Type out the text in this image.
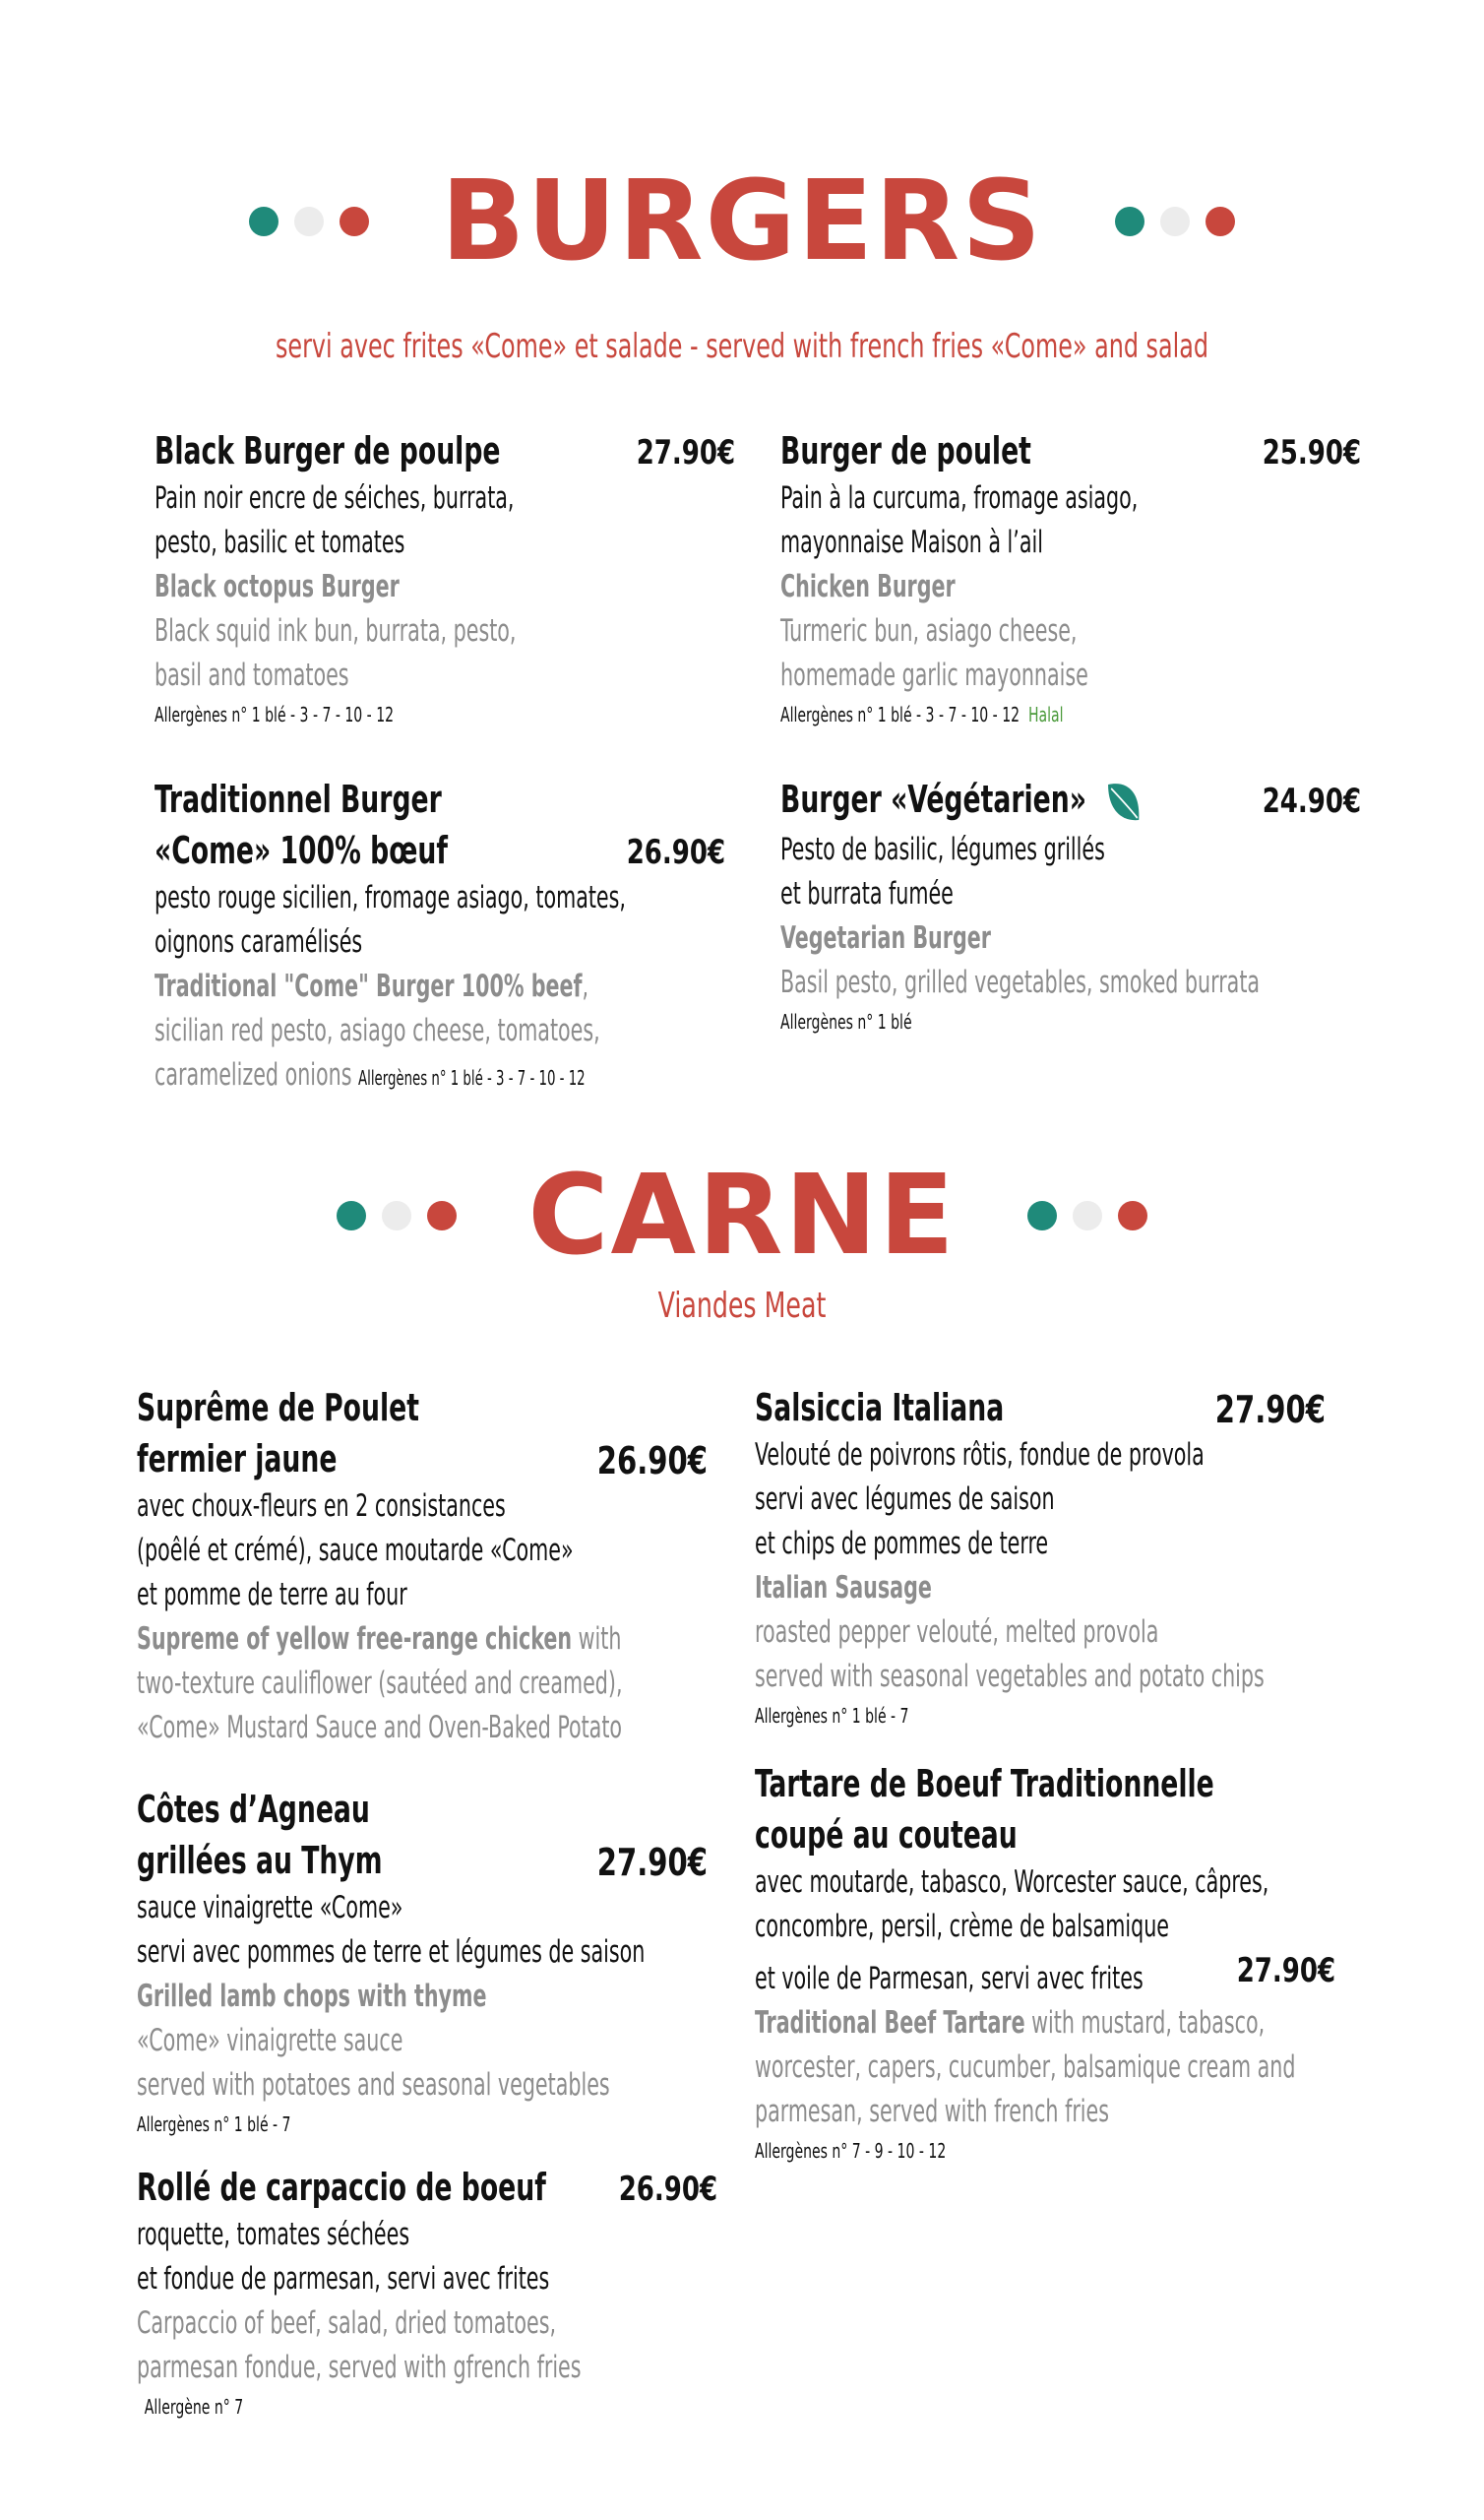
BURGERS
servi avec frites «Come» et salade - served with french fries «Come» and salad
Black Burger de poulpe	27.90€
Pain noir encre de séiches, burrata,
pesto, basilic et tomates
Black octopus Burger
Black squid ink bun, burrata, pesto,
basil and tomatoes
Allergènes n° 1 blé - 3 - 7 - 10 - 12
Burger de poulet	25.90€
Pain à la curcuma, fromage asiago,
mayonnaise Maison à l’ail
Chicken Burger
Turmeric bun, asiago cheese,
homemade garlic mayonnaise
Allergènes n° 1 blé - 3 - 7 - 10 - 12 Halal
Traditionnel Burger
«Come» 100% bœuf	26.90€
pesto rouge sicilien, fromage asiago, tomates,
oignons caramélisés
Traditional "Come" Burger 100% beef,
sicilian red pesto, asiago cheese, tomatoes,
caramelized onions Allergènes n° 1 blé - 3 - 7 - 10 - 12
Burger «Végétarien»	24.90€
Pesto de basilic, légumes grillés
et burrata fumée
Vegetarian Burger
Basil pesto, grilled vegetables, smoked burrata
Allergènes n° 1 blé
CARNE
Viandes Meat
Suprême de Poulet
fermier jaune	26.90€
avec choux-fleurs en 2 consistances
(poêlé et crémé), sauce moutarde «Come»
et pomme de terre au four
Supreme of yellow free-range chicken with
two-texture cauliflower (sautéed and creamed),
«Come» Mustard Sauce and Oven-Baked Potato
Salsiccia Italiana	27.90€
Velouté de poivrons rôtis, fondue de provola
servi avec légumes de saison
et chips de pommes de terre
Italian Sausage
roasted pepper velouté, melted provola
served with seasonal vegetables and potato chips
Allergènes n° 1 blé - 7
Côtes d’Agneau
grillées au Thym	27.90€
sauce vinaigrette «Come»
servi avec pommes de terre et légumes de saison
Grilled lamb chops with thyme
«Come» vinaigrette sauce
served with potatoes and seasonal vegetables
Allergènes n° 1 blé - 7
Tartare de Boeuf Traditionnelle
coupé au couteau
avec moutarde, tabasco, Worcester sauce, câpres,
concombre, persil, crème de balsamique
et voile de Parmesan, servi avec frites	27.90€
Traditional Beef Tartare with mustard, tabasco,
worcester, capers, cucumber, balsamique cream and
parmesan, served with french fries
Allergènes n° 7 - 9 - 10 - 12
Rollé de carpaccio de boeuf	26.90€
roquette, tomates séchées
et fondue de parmesan, servi avec frites
Carpaccio of beef, salad, dried tomatoes,
parmesan fondue, served with gfrench fries
Allergène n° 7
